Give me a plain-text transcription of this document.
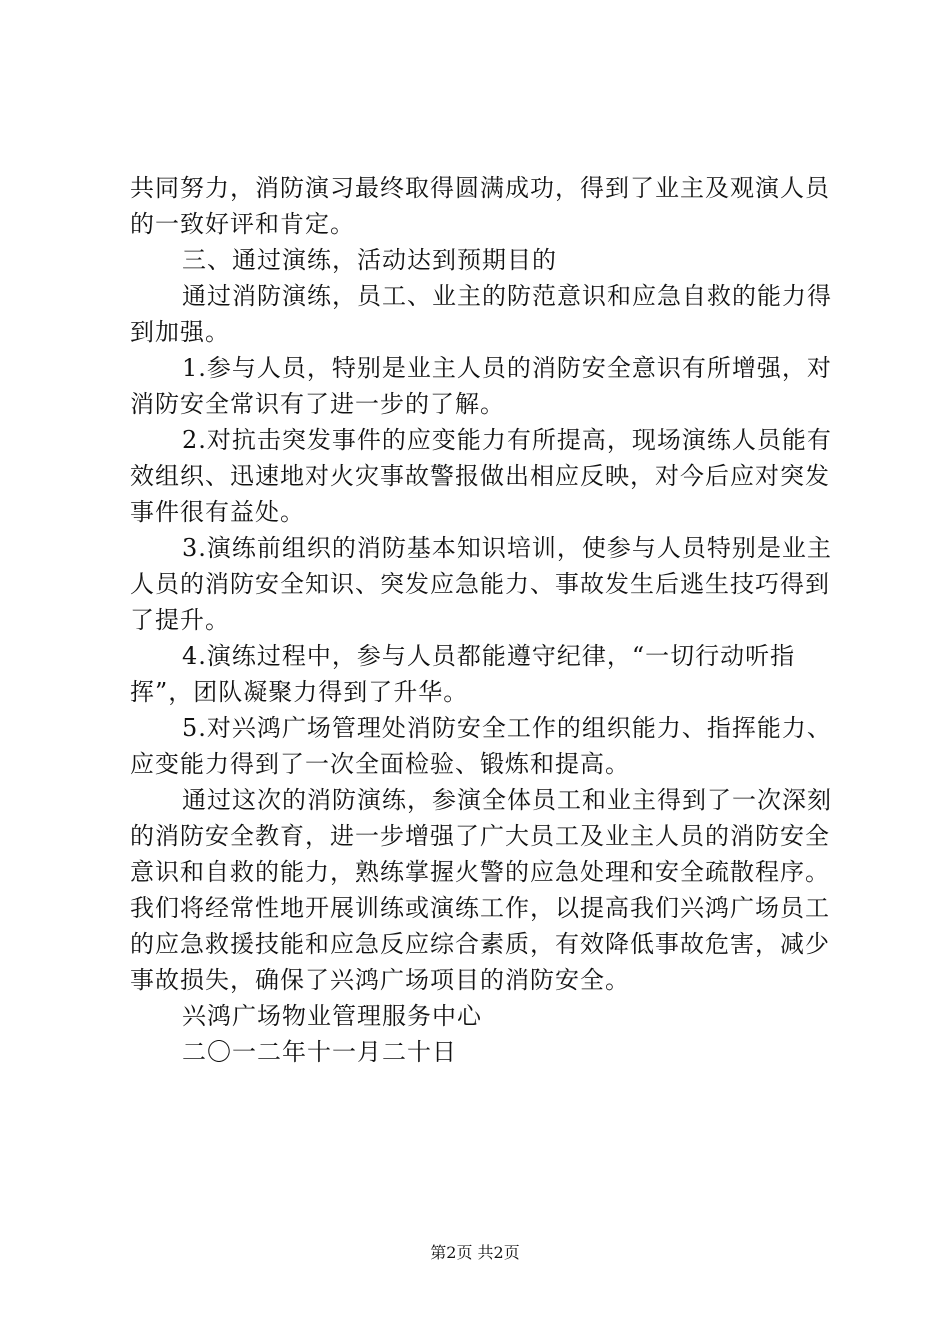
共同努力，消防演习最终取得圆满成功，得到了业主及观演人员的一致好评和肯定。

三、通过演练，活动达到预期目的

通过消防演练，员工、业主的防范意识和应急自救的能力得到加强。

1.参与人员，特别是业主人员的消防安全意识有所增强，对消防安全常识有了进一步的了解。

2.对抗击突发事件的应变能力有所提高，现场演练人员能有效组织、迅速地对火灾事故警报做出相应反映，对今后应对突发事件很有益处。

3.演练前组织的消防基本知识培训，使参与人员特别是业主人员的消防安全知识、突发应急能力、事故发生后逃生技巧得到了提升。

4.演练过程中，参与人员都能遵守纪律，“一切行动听指挥”，团队凝聚力得到了升华。

5.对兴鸿广场管理处消防安全工作的组织能力、指挥能力、应变能力得到了一次全面检验、锻炼和提高。

通过这次的消防演练，参演全体员工和业主得到了一次深刻的消防安全教育，进一步增强了广大员工及业主人员的消防安全意识和自救的能力，熟练掌握火警的应急处理和安全疏散程序。我们将经常性地开展训练或演练工作，以提高我们兴鸿广场员工的应急救援技能和应急反应综合素质，有效降低事故危害，减少事故损失，确保了兴鸿广场项目的消防安全。

兴鸿广场物业管理服务中心

二〇一二年十一月二十日

第2页 共2页
